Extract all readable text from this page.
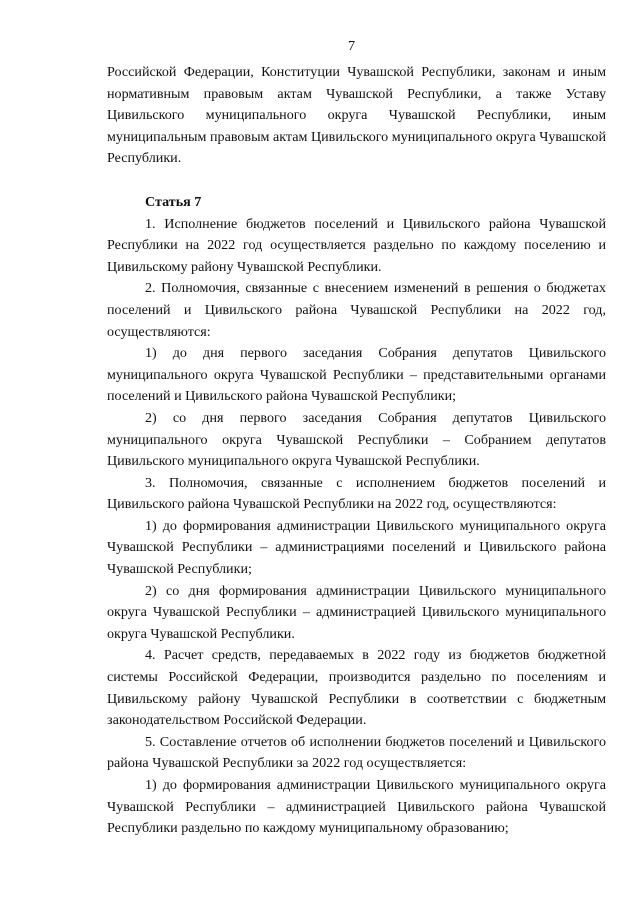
7

Российской Федерации, Конституции Чувашской Республики, законам и иным нормативным правовым актам Чувашской Республики, а также Уставу Цивильского муниципального округа Чувашской Республики, иным муниципальным правовым актам Цивильского муниципального округа Чувашской Республики.

Статья 7

1. Исполнение бюджетов поселений и Цивильского района Чувашской Республики на 2022 год осуществляется раздельно по каждому поселению и Цивильскому району Чувашской Республики.

2. Полномочия, связанные с внесением изменений в решения о бюджетах поселений и Цивильского района Чувашской Республики на 2022 год, осуществляются:

1) до дня первого заседания Собрания депутатов Цивильского муниципального округа Чувашской Республики – представительными органами поселений и Цивильского района Чувашской Республики;

2) со дня первого заседания Собрания депутатов Цивильского муниципального округа Чувашской Республики – Собранием депутатов Цивильского муниципального округа Чувашской Республики.

3. Полномочия, связанные с исполнением бюджетов поселений и Цивильского района Чувашской Республики на 2022 год, осуществляются:

1) до формирования администрации Цивильского муниципального округа Чувашской Республики – администрациями поселений и Цивильского района Чувашской Республики;

2) со дня формирования администрации Цивильского муниципального округа Чувашской Республики – администрацией Цивильского муниципального округа Чувашской Республики.

4. Расчет средств, передаваемых в 2022 году из бюджетов бюджетной системы Российской Федерации, производится раздельно по поселениям и Цивильскому району Чувашской Республики в соответствии с бюджетным законодательством Российской Федерации.

5. Составление отчетов об исполнении бюджетов поселений и Цивильского района Чувашской Республики за 2022 год осуществляется:

1) до формирования администрации Цивильского муниципального округа Чувашской Республики – администрацией Цивильского района Чувашской Республики раздельно по каждому муниципальному образованию;
